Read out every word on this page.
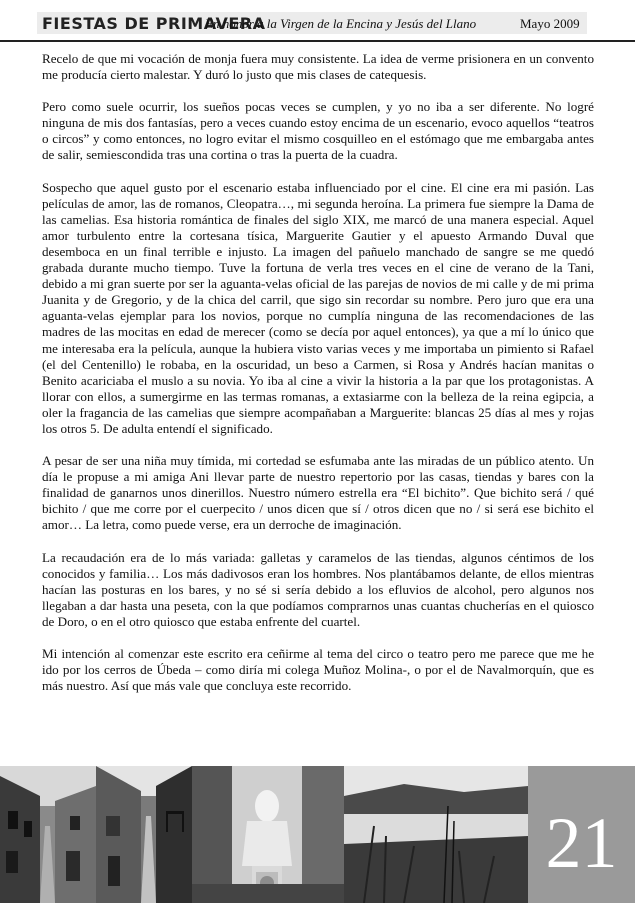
FIESTAS DE PRIMAVERA
En honor a la Virgen de la Encina y Jesús del Llano	Mayo 2009

Recelo de que mi vocación de monja fuera muy consistente. La idea de verme prisionera en un convento me producía cierto malestar. Y duró lo justo que mis clases de catequesis.

Pero como suele ocurrir, los sueños pocas veces se cumplen, y yo no iba a ser diferente. No logré ninguna de mis dos fantasías, pero a veces cuando estoy encima de un escenario, evoco aquellos “teatros o circos” y como entonces, no logro evitar el mismo cosquilleo en el estómago que me embargaba antes de salir, semiescondida tras una cortina o tras la puerta de la cuadra.

Sospecho que aquel gusto por el escenario estaba influenciado por el cine. El cine era mi pasión. Las películas de amor, las de romanos, Cleopatra…, mi segunda heroína. La primera fue siempre la Dama de las camelias. Esa historia romántica de finales del siglo XIX, me marcó de una manera especial. Aquel amor turbulento entre la cortesana tísica, Marguerite Gautier y el apuesto Armando Duval que desemboca en un final terrible e injusto. La imagen del pañuelo manchado de sangre se me quedó grabada durante mucho tiempo. Tuve la fortuna de verla tres veces en el cine de verano de la Tani, debido a mi gran suerte por ser la aguanta-velas oficial de las parejas de novios de mi calle y de mi prima Juanita y de Gregorio, y de la chica del carril, que sigo sin recordar su nombre. Pero juro que era una aguanta-velas ejemplar para los novios, porque no cumplía ninguna de las recomendaciones de las madres de las mocitas en edad de merecer (como se decía por aquel entonces), ya que a mí lo único que me interesaba era la película, aunque la hubiera visto varias veces y me importaba un pimiento si Rafael (el del Centenillo) le robaba, en la oscuridad, un beso a Carmen, si Rosa y Andrés hacían manitas o Benito acariciaba el muslo a su novia. Yo iba al cine a vivir la historia a la par que los protagonistas. A llorar con ellos, a sumergirme en las termas romanas, a extasiarme con la belleza de la reina egipcia, a oler la fragancia de las camelias que siempre acompañaban a Marguerite: blancas 25 días al mes y rojas los otros 5. De adulta entendí el significado.

A pesar de ser una niña muy tímida, mi cortedad se esfumaba ante las miradas de un público atento. Un día le propuse a mi amiga Ani llevar parte de nuestro repertorio por las casas, tiendas y bares con la finalidad de ganarnos unos dinerillos. Nuestro número estrella era “El bichito”. Que bichito será / qué bichito / que me corre por el cuerpecito / unos dicen que sí / otros dicen que no / si será ese bichito el amor… La letra, como puede verse, era un derroche de imaginación.

La recaudación era de lo más variada: galletas y caramelos de las tiendas, algunos céntimos de los conocidos y familia… Los más dadivosos eran los hombres. Nos plantábamos delante, de ellos mientras hacían las posturas en los bares, y no sé si sería debido a los efluvios de alcohol, pero algunos nos llegaban a dar hasta una peseta, con la que podíamos comprarnos unas cuantas chucherías en el quiosco de Doro, o en el otro quiosco que estaba enfrente del cuartel.

Mi intención al comenzar este escrito era ceñirme al tema del circo o teatro pero me parece que me he ido por los cerros de Úbeda – como diría mi colega Muñoz Molina-, o por el de Navalmorquín, que es más nuestro. Así que más vale que concluya este recorrido.

21
